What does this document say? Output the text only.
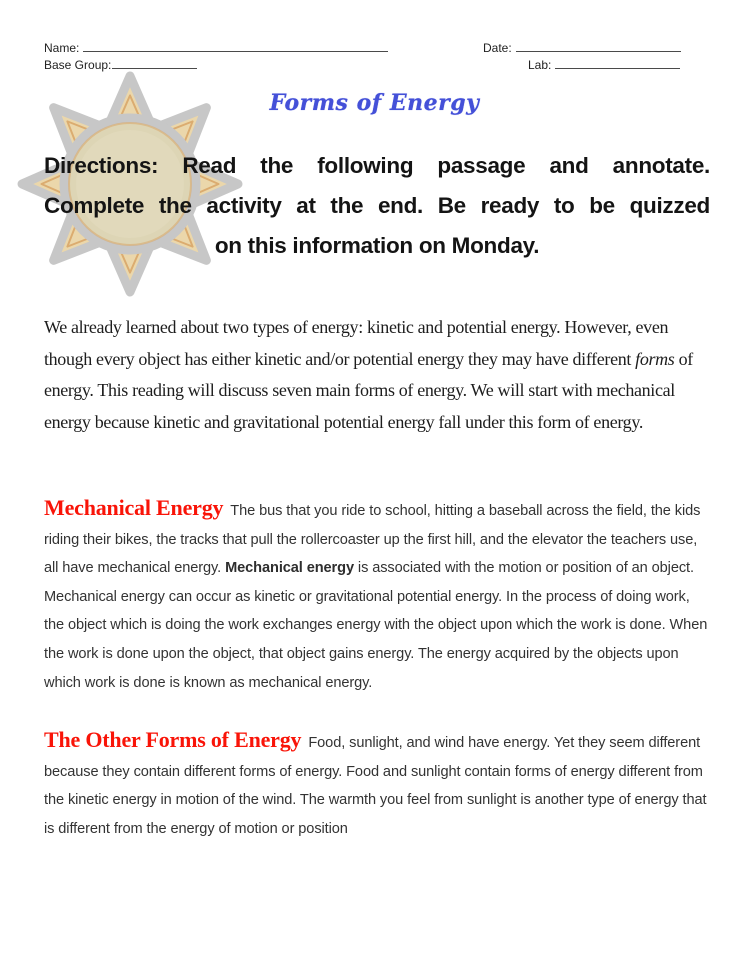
Name:
Base Group:
Date:
Lab:
Forms of Energy
Directions: Read the following passage and annotate.
Complete the activity at the end. Be ready to be quizzed
on this information on Monday.

We already learned about two types of energy: kinetic and potential energy. However, even though every object has either kinetic and/or potential energy they may have different forms of energy. This reading will discuss seven main forms of energy. We will start with mechanical energy because kinetic and gravitational potential energy fall under this form of energy.

Mechanical Energy The bus that you ride to school, hitting a baseball across the field, the kids riding their bikes, the tracks that pull the rollercoaster up the first hill, and the elevator the teachers use, all have mechanical energy. Mechanical energy is associated with the motion or position of an object. Mechanical energy can occur as kinetic or gravitational potential energy. In the process of doing work, the object which is doing the work exchanges energy with the object upon which the work is done. When the work is done upon the object, that object gains energy. The energy acquired by the objects upon which work is done is known as mechanical energy.

The Other Forms of Energy Food, sunlight, and wind have energy. Yet they seem different because they contain different forms of energy. Food and sunlight contain forms of energy different from the kinetic energy in motion of the wind. The warmth you feel from sunlight is another type of energy that is different from the energy of motion or position
